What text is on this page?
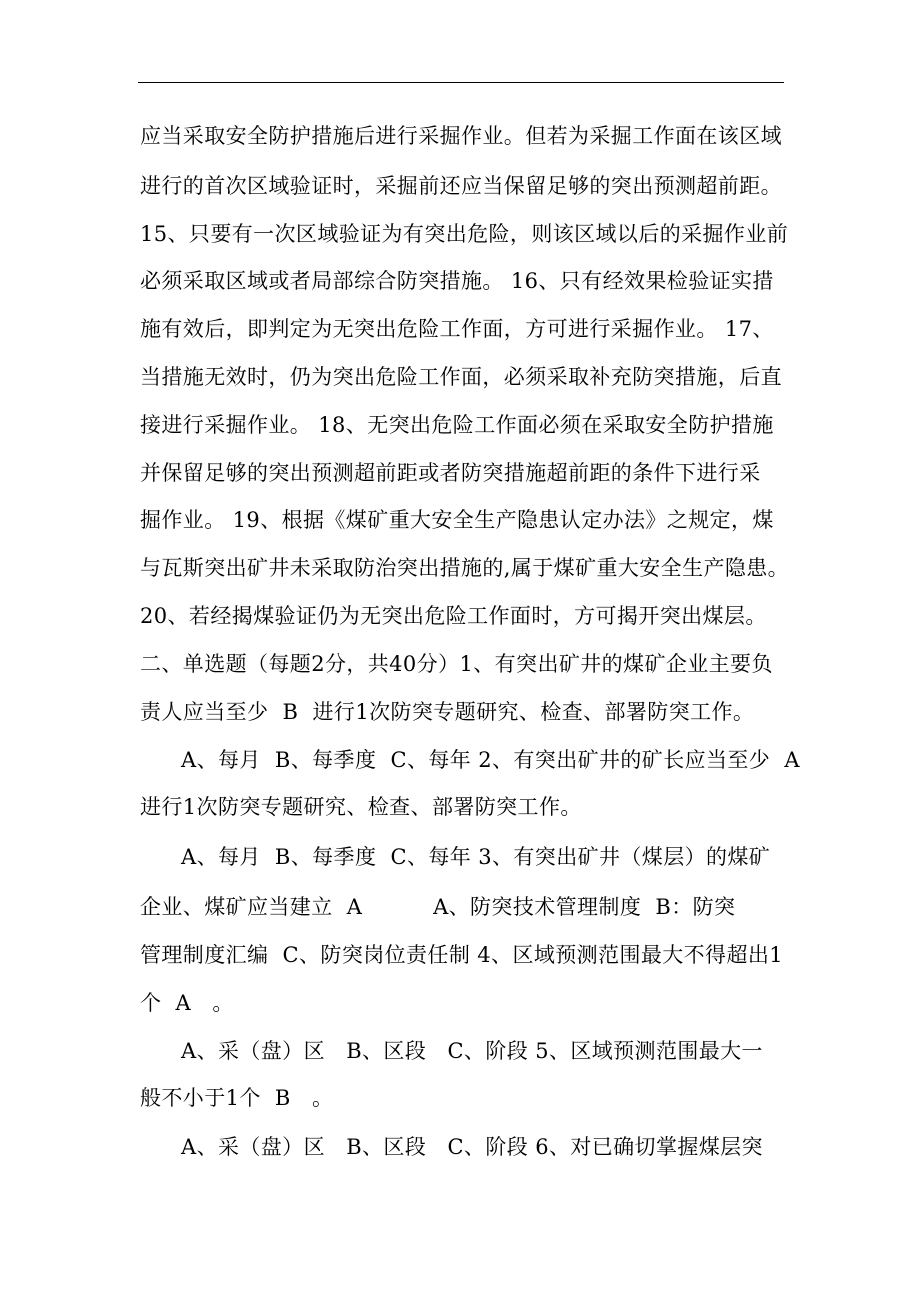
应当采取安全防护措施后进行采掘作业。但若为采掘工作面在该区域
进行的首次区域验证时，采掘前还应当保留足够的突出预测超前距。
15、只要有一次区域验证为有突出危险，则该区域以后的采掘作业前
必须采取区域或者局部综合防突措施。 16、只有经效果检验证实措
施有效后，即判定为无突出危险工作面，方可进行采掘作业。 17、
当措施无效时，仍为突出危险工作面，必须采取补充防突措施，后直
接进行采掘作业。 18、无突出危险工作面必须在采取安全防护措施
并保留足够的突出预测超前距或者防突措施超前距的条件下进行采
掘作业。 19、根据《煤矿重大安全生产隐患认定办法》之规定，煤
与瓦斯突出矿井未采取防治突出措施的,属于煤矿重大安全生产隐患。
20、若经揭煤验证仍为无突出危险工作面时，方可揭开突出煤层。
二、单选题（每题2分，共40分）1、有突出矿井的煤矿企业主要负
责人应当至少  B  进行1次防突专题研究、检查、部署防突工作。
A、每月  B、每季度  C、每年 2、有突出矿井的矿长应当至少  A
进行1次防突专题研究、检查、部署防突工作。
A、每月  B、每季度  C、每年 3、有突出矿井（煤层）的煤矿
企业、煤矿应当建立  A          A、防突技术管理制度  B：防突
管理制度汇编  C、防突岗位责任制 4、区域预测范围最大不得超出1
个  A   。
A、采（盘）区   B、区段   C、阶段 5、区域预测范围最大一
般不小于1个  B   。
A、采（盘）区   B、区段   C、阶段 6、对已确切掌握煤层突
